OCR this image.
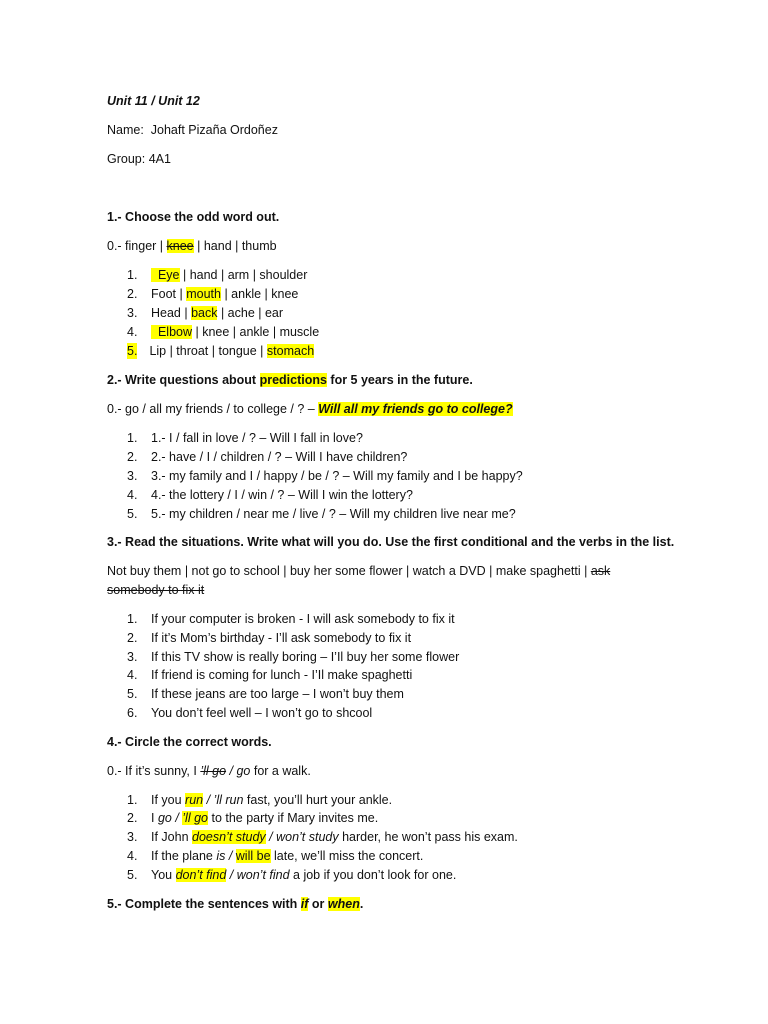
Unit 11 / Unit 12
Name: Johaft Pizaña Ordoñez
Group: 4A1
1.- Choose the odd word out.
0.- finger | knee | hand | thumb
1. Eye | hand | arm | shoulder
2. Foot | mouth | ankle | knee
3. Head | back | ache | ear
4. Elbow | knee | ankle | muscle
5. Lip | throat | tongue | stomach
2.- Write questions about predictions for 5 years in the future.
0.- go / all my friends / to college / ? – Will all my friends go to college?
1. 1.- I / fall in love / ? – Will I fall in love?
2. 2.- have / I / children / ? – Will I have children?
3. 3.- my family and I / happy / be / ? – Will my family and I be happy?
4. 4.- the lottery / I / win / ? – Will I win the lottery?
5. 5.- my children / near me / live / ? – Will my children live near me?
3.- Read the situations. Write what will you do. Use the first conditional and the verbs in the list.
Not buy them | not go to school | buy her some flower | watch a DVD | make spaghetti | ask somebody to fix it
1. If your computer is broken - I will ask somebody to fix it
2. If it’s Mom’s birthday - I’ll ask somebody to fix it
3. If this TV show is really boring – I’Il buy her some flower
4. If friend is coming for lunch - I’Il make spaghetti
5. If these jeans are too large – I won’t buy them
6. You don’t feel well – I won’t go to shcool
4.- Circle the correct words.
0.- If it’s sunny, I ’ll go / go for a walk.
1. If you run / ’ll run fast, you’ll hurt your ankle.
2. I go / ’ll go to the party if Mary invites me.
3. If John doesn’t study / won’t study harder, he won’t pass his exam.
4. If the plane is / will be late, we’ll miss the concert.
5. You don’t find / won’t find a job if you don’t look for one.
5.- Complete the sentences with if or when.
